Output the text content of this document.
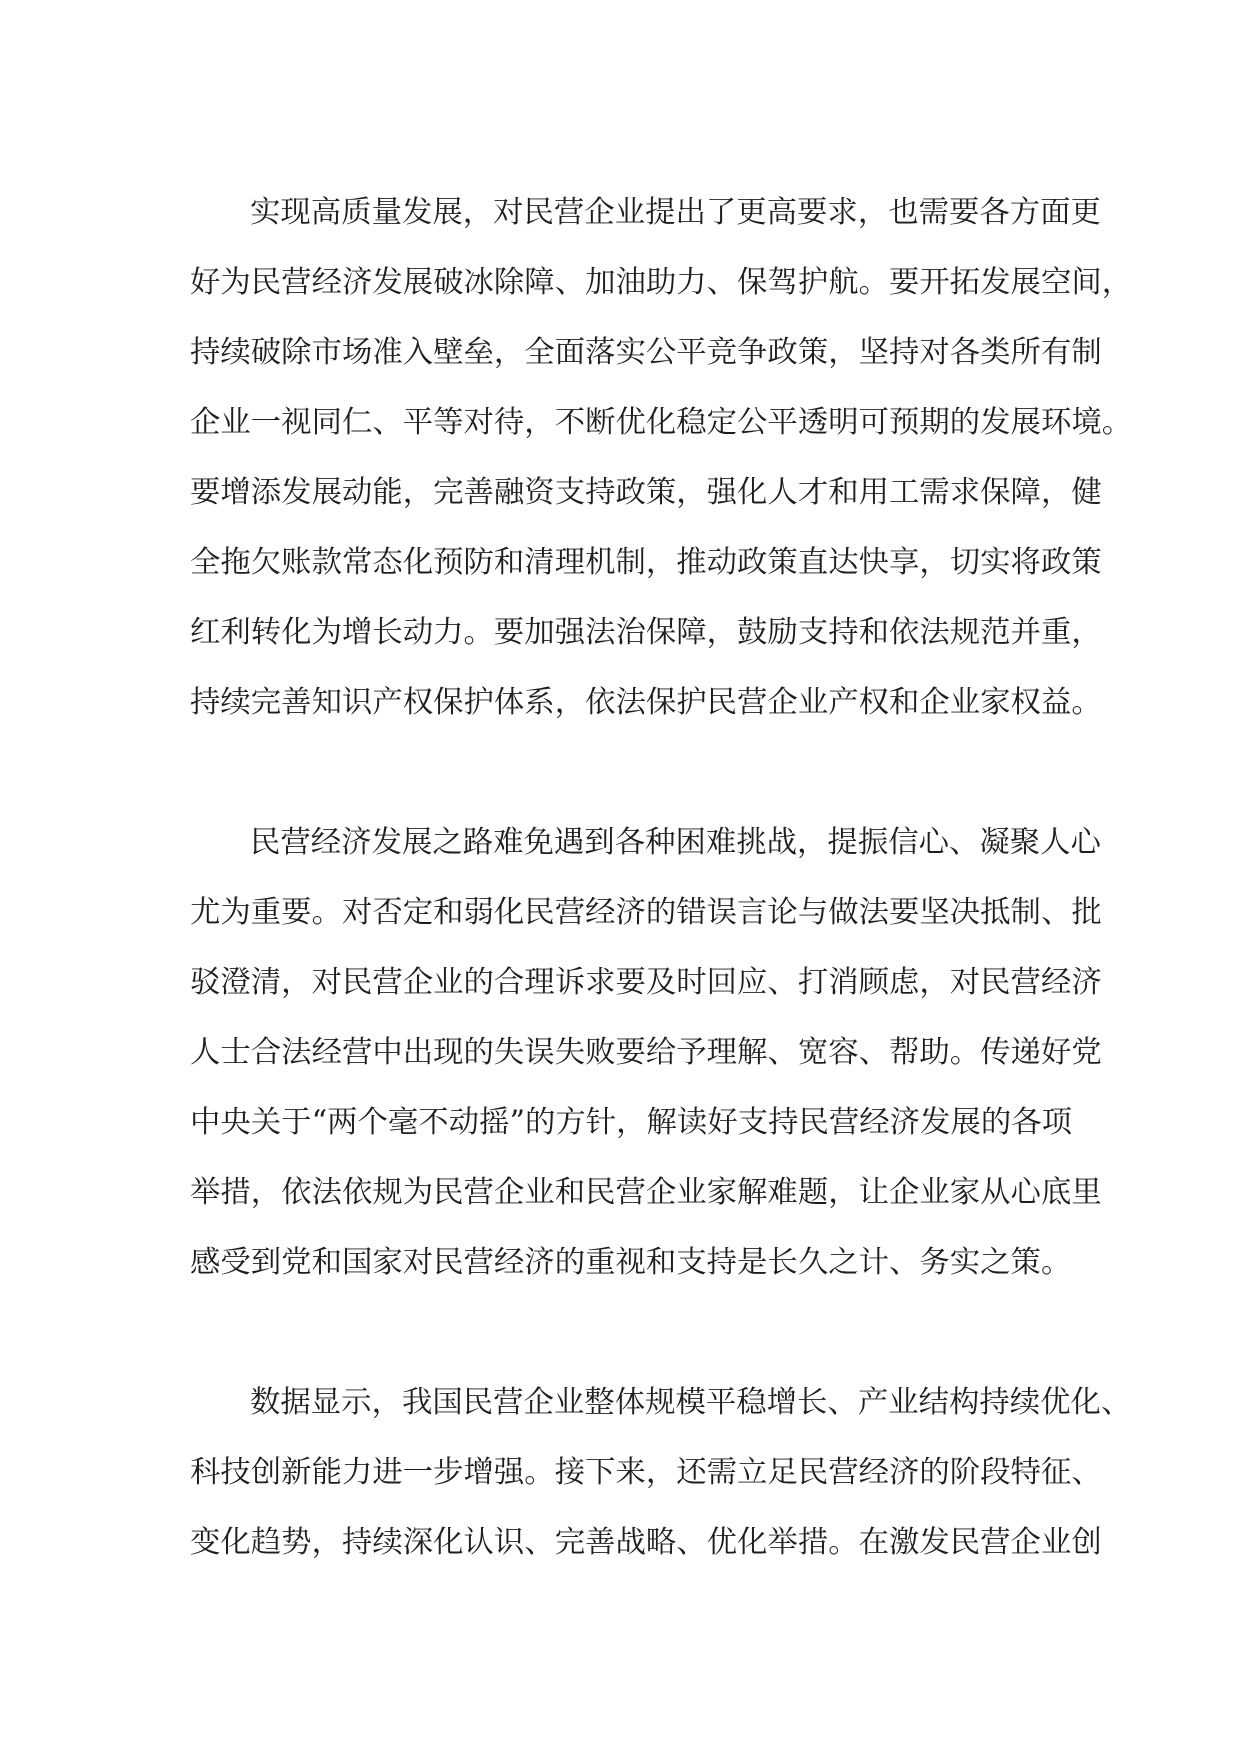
实现高质量发展，对民营企业提出了更高要求，也需要各方面更
好为民营经济发展破冰除障、加油助力、保驾护航。要开拓发展空间，
持续破除市场准入壁垒，全面落实公平竞争政策，坚持对各类所有制
企业一视同仁、平等对待，不断优化稳定公平透明可预期的发展环境。
要增添发展动能，完善融资支持政策，强化人才和用工需求保障，健
全拖欠账款常态化预防和清理机制，推动政策直达快享，切实将政策
红利转化为增长动力。要加强法治保障，鼓励支持和依法规范并重，
持续完善知识产权保护体系，依法保护民营企业产权和企业家权益。
民营经济发展之路难免遇到各种困难挑战，提振信心、凝聚人心
尤为重要。对否定和弱化民营经济的错误言论与做法要坚决抵制、批
驳澄清，对民营企业的合理诉求要及时回应、打消顾虑，对民营经济
人士合法经营中出现的失误失败要给予理解、宽容、帮助。传递好党
中央关于“两个毫不动摇”的方针，解读好支持民营经济发展的各项
举措，依法依规为民营企业和民营企业家解难题，让企业家从心底里
感受到党和国家对民营经济的重视和支持是长久之计、务实之策。
数据显示，我国民营企业整体规模平稳增长、产业结构持续优化、
科技创新能力进一步增强。接下来，还需立足民营经济的阶段特征、
变化趋势，持续深化认识、完善战略、优化举措。在激发民营企业创
